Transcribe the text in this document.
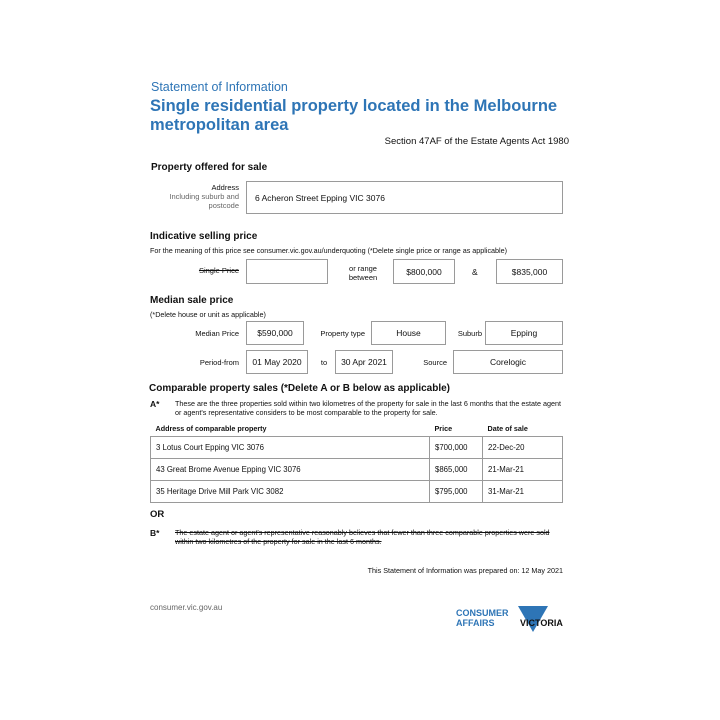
Statement of Information
Single residential property located in the Melbourne metropolitan area
Section 47AF of the Estate Agents Act 1980
Property offered for sale
Address
Including suburb and postcode
6 Acheron Street Epping VIC 3076
Indicative selling price
For the meaning of this price see consumer.vic.gov.au/underquoting (*Delete single price or range as applicable)
Single Price	or range
between
$800,000	&	$835,000
Median sale price
(*Delete house or unit as applicable)
Median Price $590,000	Property type	House	Suburb	Epping
Period-from 01 May 2020	to	30 Apr 2021	Source	Corelogic
Comparable property sales (*Delete A or B below as applicable)
A* These are the three properties sold within two kilometres of the property for sale in the last 6 months that the estate agent or agent's representative considers to be most comparable to the property for sale.
Address of comparable property	Price	Date of sale
3 Lotus Court Epping VIC 3076	$700,000	22-Dec-20
43 Great Brome Avenue Epping VIC 3076	$865,000	21-Mar-21
35 Heritage Drive Mill Park VIC 3082	$795,000	31-Mar-21
OR
B* The estate agent or agent's representative reasonably believes that fewer than three comparable properties were sold within two kilometres of the property for sale in the last 6 months.
This Statement of Information was prepared on: 12 May 2021
consumer.vic.gov.au
CONSUMER
AFFAIRS	VICTORIA
